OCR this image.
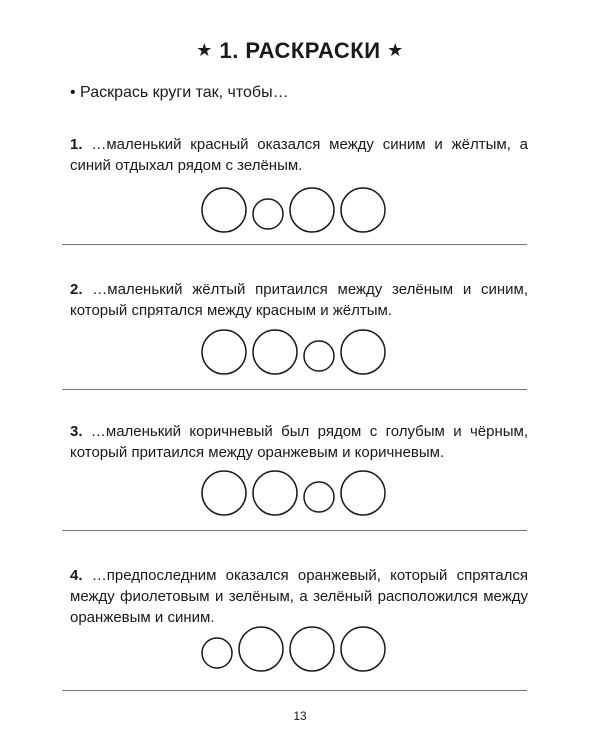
★ 1. РАСКРАСКИ ★
• Раскрась круги так, чтобы…
1. …маленький красный оказался между синим и жёлтым, а синий отдыхал рядом с зелёным.
2. …маленький жёлтый притаился между зелёным и синим, который спрятался между красным и жёлтым.
3. …маленький коричневый был рядом с голубым и чёрным, который притаился между оранжевым и коричневым.
4. …предпоследним оказался оранжевый, который спрятался между фиолетовым и зелёным, а зелёный расположился между оранжевым и синим.
13
